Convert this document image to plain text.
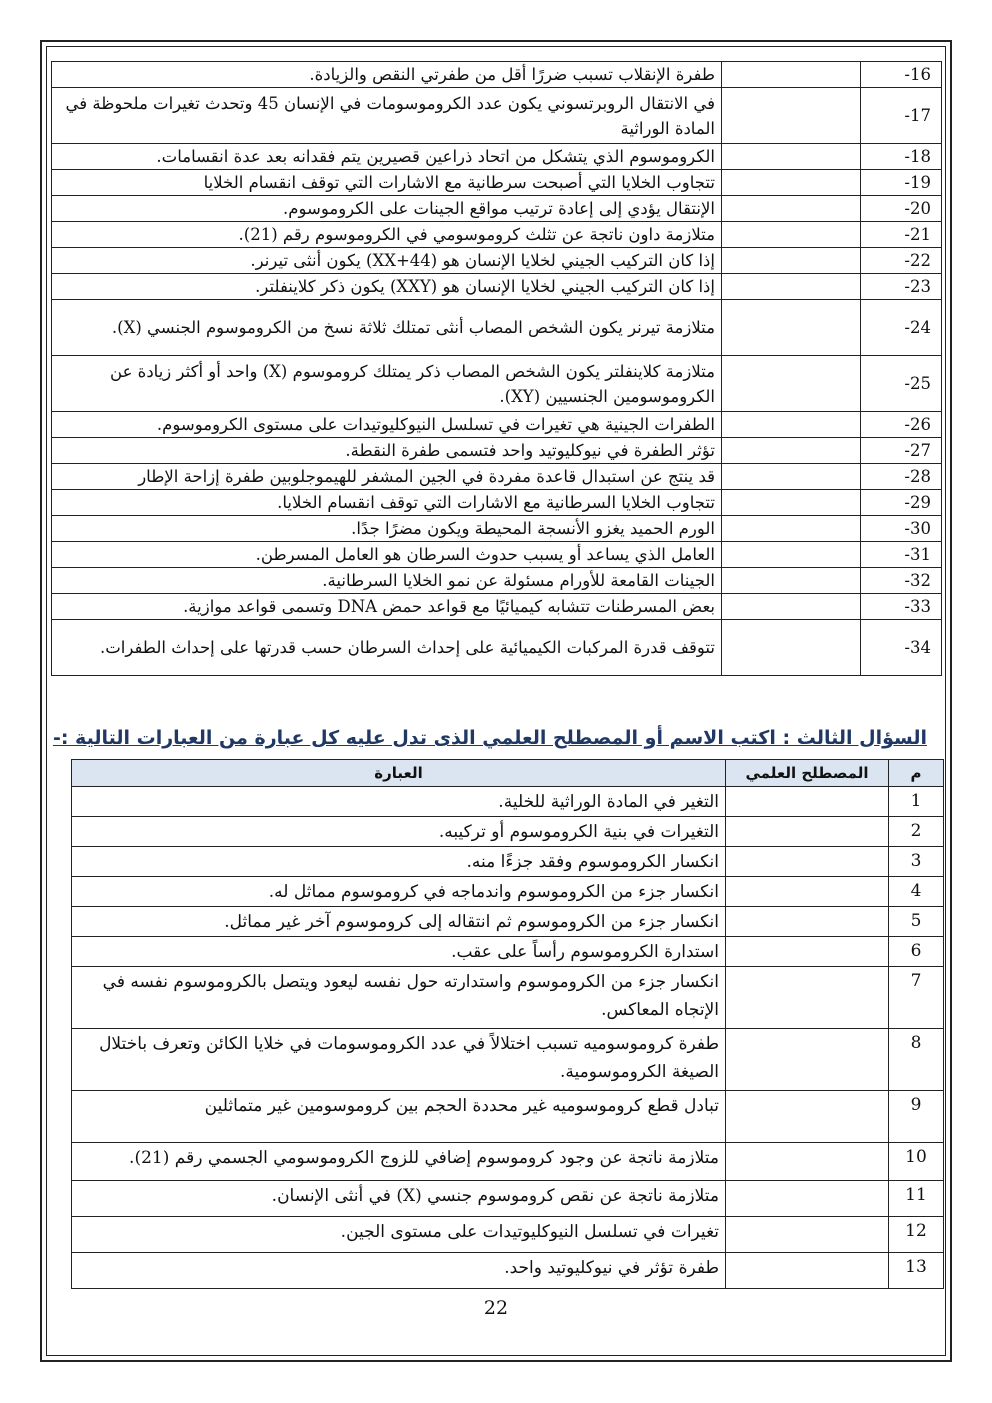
طفرة الإنقلاب تسبب ضررًا أقل من طفرتي النقص والزيادة.		-16
في الانتقال الروبرتسوني يكون عدد الكروموسومات في الإنسان 45 وتحدث تغيرات ملحوظة في المادة الوراثية		-17
الكروموسوم الذي يتشكل من اتحاد ذراعين قصيرين يتم فقدانه بعد عدة انقسامات.		-18
تتجاوب الخلايا التي أصبحت سرطانية مع الاشارات التي توقف انقسام الخلايا		-19
الإنتقال يؤدي إلى إعادة ترتيب مواقع الجينات على الكروموسوم.		-20
متلازمة داون ناتجة عن تثلث كروموسومي في الكروموسوم رقم (21).		-21
إذا كان التركيب الجيني لخلايا الإنسان هو (44+XX) يكون أنثى تيرنر.		-22
إذا كان التركيب الجيني لخلايا الإنسان هو (XXY) يكون ذكر كلاينفلتر.		-23
متلازمة تيرنر يكون الشخص المصاب أنثى تمتلك ثلاثة نسخ من الكروموسوم الجنسي (X).		-24
متلازمة كلاينفلتر يكون الشخص المصاب ذكر يمتلك كروموسوم (X) واحد أو أكثر زيادة عن الكروموسومين الجنسيين (XY).		-25
الطفرات الجينية هي تغيرات في تسلسل النيوكليوتيدات على مستوى الكروموسوم.		-26
تؤثر الطفرة في نيوكليوتيد واحد فتسمى طفرة النقطة.		-27
قد ينتج عن استبدال قاعدة مفردة في الجين المشفر للهيموجلوبين طفرة إزاحة الإطار		-28
تتجاوب الخلايا السرطانية مع الاشارات التي توقف انقسام الخلايا.		-29
الورم الحميد يغزو الأنسجة المحيطة ويكون مضرًا جدًا.		-30
العامل الذي يساعد أو يسبب حدوث السرطان هو العامل المسرطن.		-31
الجينات القامعة للأورام مسئولة عن نمو الخلايا السرطانية.		-32
بعض المسرطنات تتشابه كيميائيًا مع قواعد حمض DNA وتسمى قواعد موازية.		-33
تتوقف قدرة المركبات الكيميائية على إحداث السرطان حسب قدرتها على إحداث الطفرات.		-34
السؤال الثالث : اكتب الاسم أو المصطلح العلمي الذى تدل عليه كل عبارة من العبارات التالية :-
العبارة	المصطلح العلمي	م
التغير في المادة الوراثية للخلية.		1
التغيرات في بنية الكروموسوم أو تركيبه.		2
انكسار الكروموسوم وفقد جزءًا منه.		3
انكسار جزء من الكروموسوم واندماجه في كروموسوم مماثل له.		4
انكسار جزء من الكروموسوم ثم انتقاله إلى كروموسوم آخر غير مماثل.		5
استدارة الكروموسوم رأساً على عقب.		6
انكسار جزء من الكروموسوم واستدارته حول نفسه ليعود ويتصل بالكروموسوم نفسه في الإتجاه المعاكس.		7
طفرة كروموسوميه تسبب اختلالاً في عدد الكروموسومات في خلايا الكائن وتعرف باختلال الصيغة الكروموسومية.		8
تبادل قطع كروموسوميه غير محددة الحجم بين كروموسومين غير متماثلين		9
متلازمة ناتجة عن وجود كروموسوم إضافي للزوج الكروموسومي الجسمي رقم (21).		10
متلازمة ناتجة عن نقص كروموسوم جنسي (X) في أنثى الإنسان.		11
تغيرات في تسلسل النيوكليوتيدات على مستوى الجين.		12
طفرة تؤثر في نيوكليوتيد واحد.		13
22
